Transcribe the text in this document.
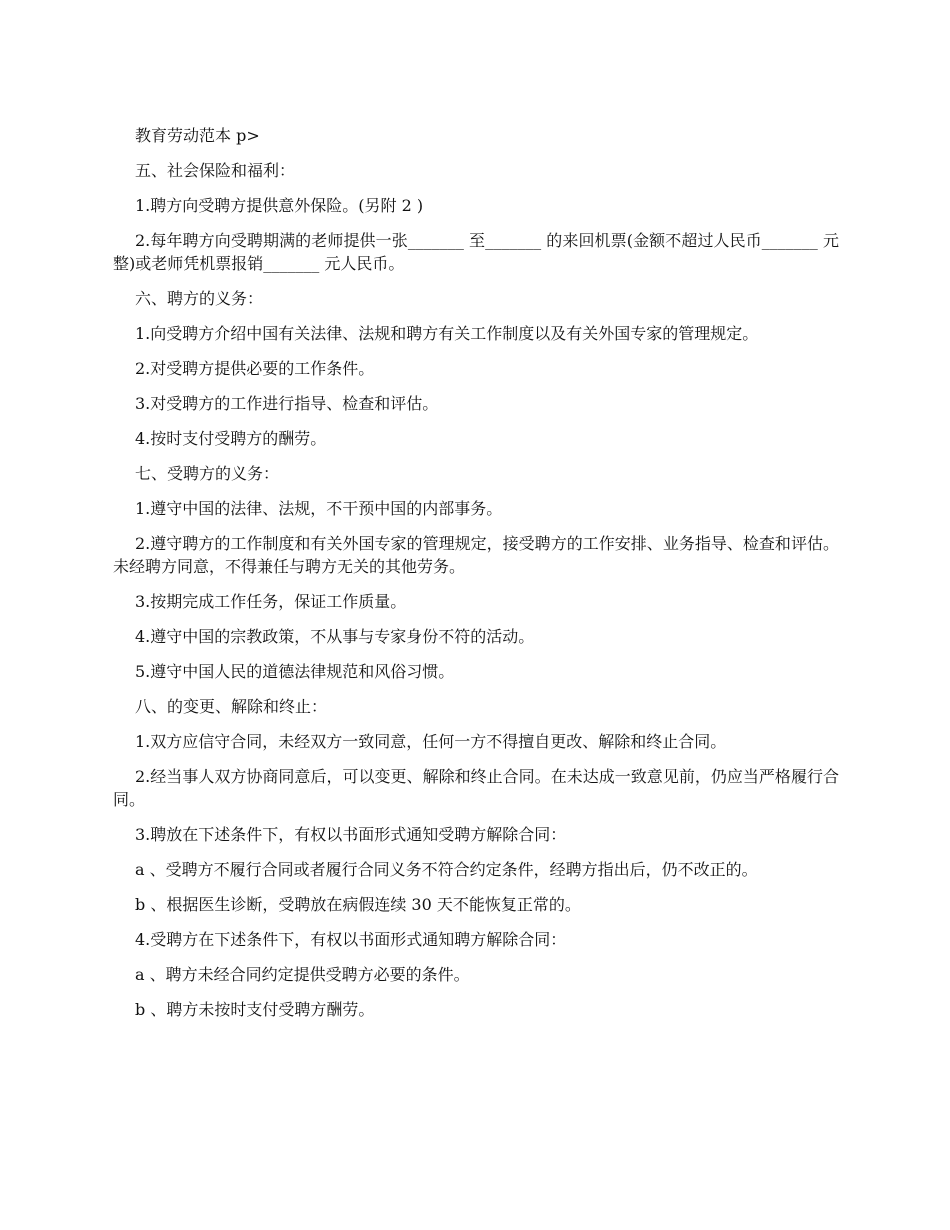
教育劳动范本 p>

五、社会保险和福利：

1.聘方向受聘方提供意外保险。(另附 2 )

2.每年聘方向受聘期满的老师提供一张_______ 至_______ 的来回机票(金额不超过人民币_______ 元整)或老师凭机票报销_______ 元人民币。

六、聘方的义务：

1.向受聘方介绍中国有关法律、法规和聘方有关工作制度以及有关外国专家的管理规定。

2.对受聘方提供必要的工作条件。

3.对受聘方的工作进行指导、检查和评估。

4.按时支付受聘方的酬劳。

七、受聘方的义务：

1.遵守中国的法律、法规，不干预中国的内部事务。

2.遵守聘方的工作制度和有关外国专家的管理规定，接受聘方的工作安排、业务指导、检查和评估。未经聘方同意，不得兼任与聘方无关的其他劳务。

3.按期完成工作任务，保证工作质量。

4.遵守中国的宗教政策，不从事与专家身份不符的活动。

5.遵守中国人民的道德法律规范和风俗习惯。

八、的变更、解除和终止：

1.双方应信守合同，未经双方一致同意，任何一方不得擅自更改、解除和终止合同。

2.经当事人双方协商同意后，可以变更、解除和终止合同。在未达成一致意见前，仍应当严格履行合同。

3.聘放在下述条件下，有权以书面形式通知受聘方解除合同：

a 、受聘方不履行合同或者履行合同义务不符合约定条件，经聘方指出后，仍不改正的。

b 、根据医生诊断，受聘放在病假连续 30 天不能恢复正常的。

4.受聘方在下述条件下，有权以书面形式通知聘方解除合同：

a 、聘方未经合同约定提供受聘方必要的条件。

b 、聘方未按时支付受聘方酬劳。
